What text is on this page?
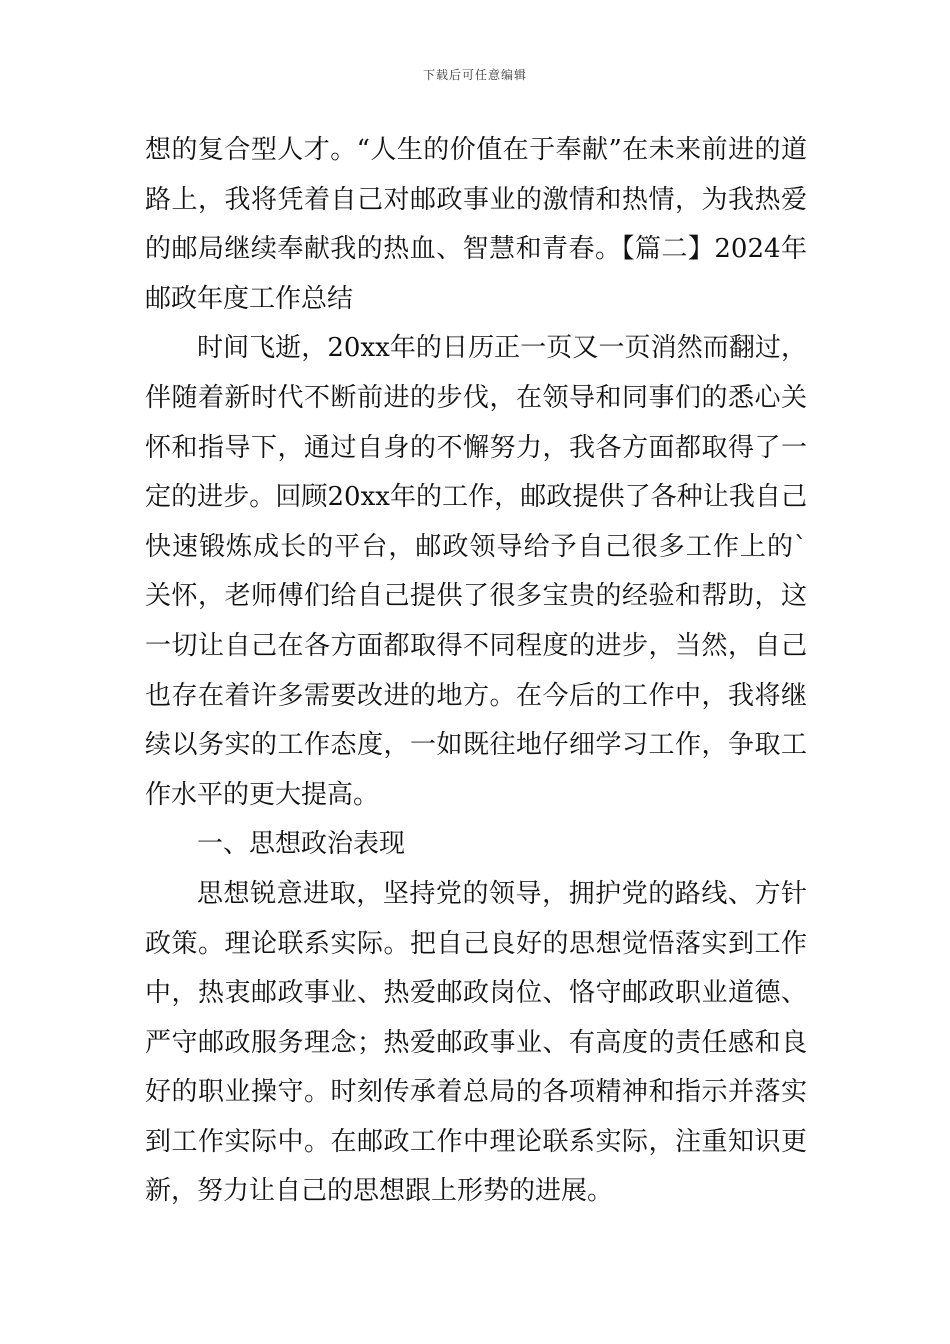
下载后可任意编辑

想的复合型人才。“人生的价值在于奉献”在未来前进的道路上，我将凭着自己对邮政事业的激情和热情，为我热爱的邮局继续奉献我的热血、智慧和青春。【篇二】2024年邮政年度工作总结

时间飞逝，20xx年的日历正一页又一页消然而翻过，伴随着新时代不断前进的步伐，在领导和同事们的悉心关怀和指导下，通过自身的不懈努力，我各方面都取得了一定的进步。回顾20xx年的工作，邮政提供了各种让我自己快速锻炼成长的平台，邮政领导给予自己很多工作上的`关怀，老师傅们给自己提供了很多宝贵的经验和帮助，这一切让自己在各方面都取得不同程度的进步，当然，自己也存在着许多需要改进的地方。在今后的工作中，我将继续以务实的工作态度，一如既往地仔细学习工作，争取工作水平的更大提高。

一、思想政治表现

思想锐意进取，坚持党的领导，拥护党的路线、方针政策。理论联系实际。把自己良好的思想觉悟落实到工作中，热衷邮政事业、热爱邮政岗位、恪守邮政职业道德、严守邮政服务理念；热爱邮政事业、有高度的责任感和良好的职业操守。时刻传承着总局的各项精神和指示并落实到工作实际中。在邮政工作中理论联系实际，注重知识更新，努力让自己的思想跟上形势的进展。
